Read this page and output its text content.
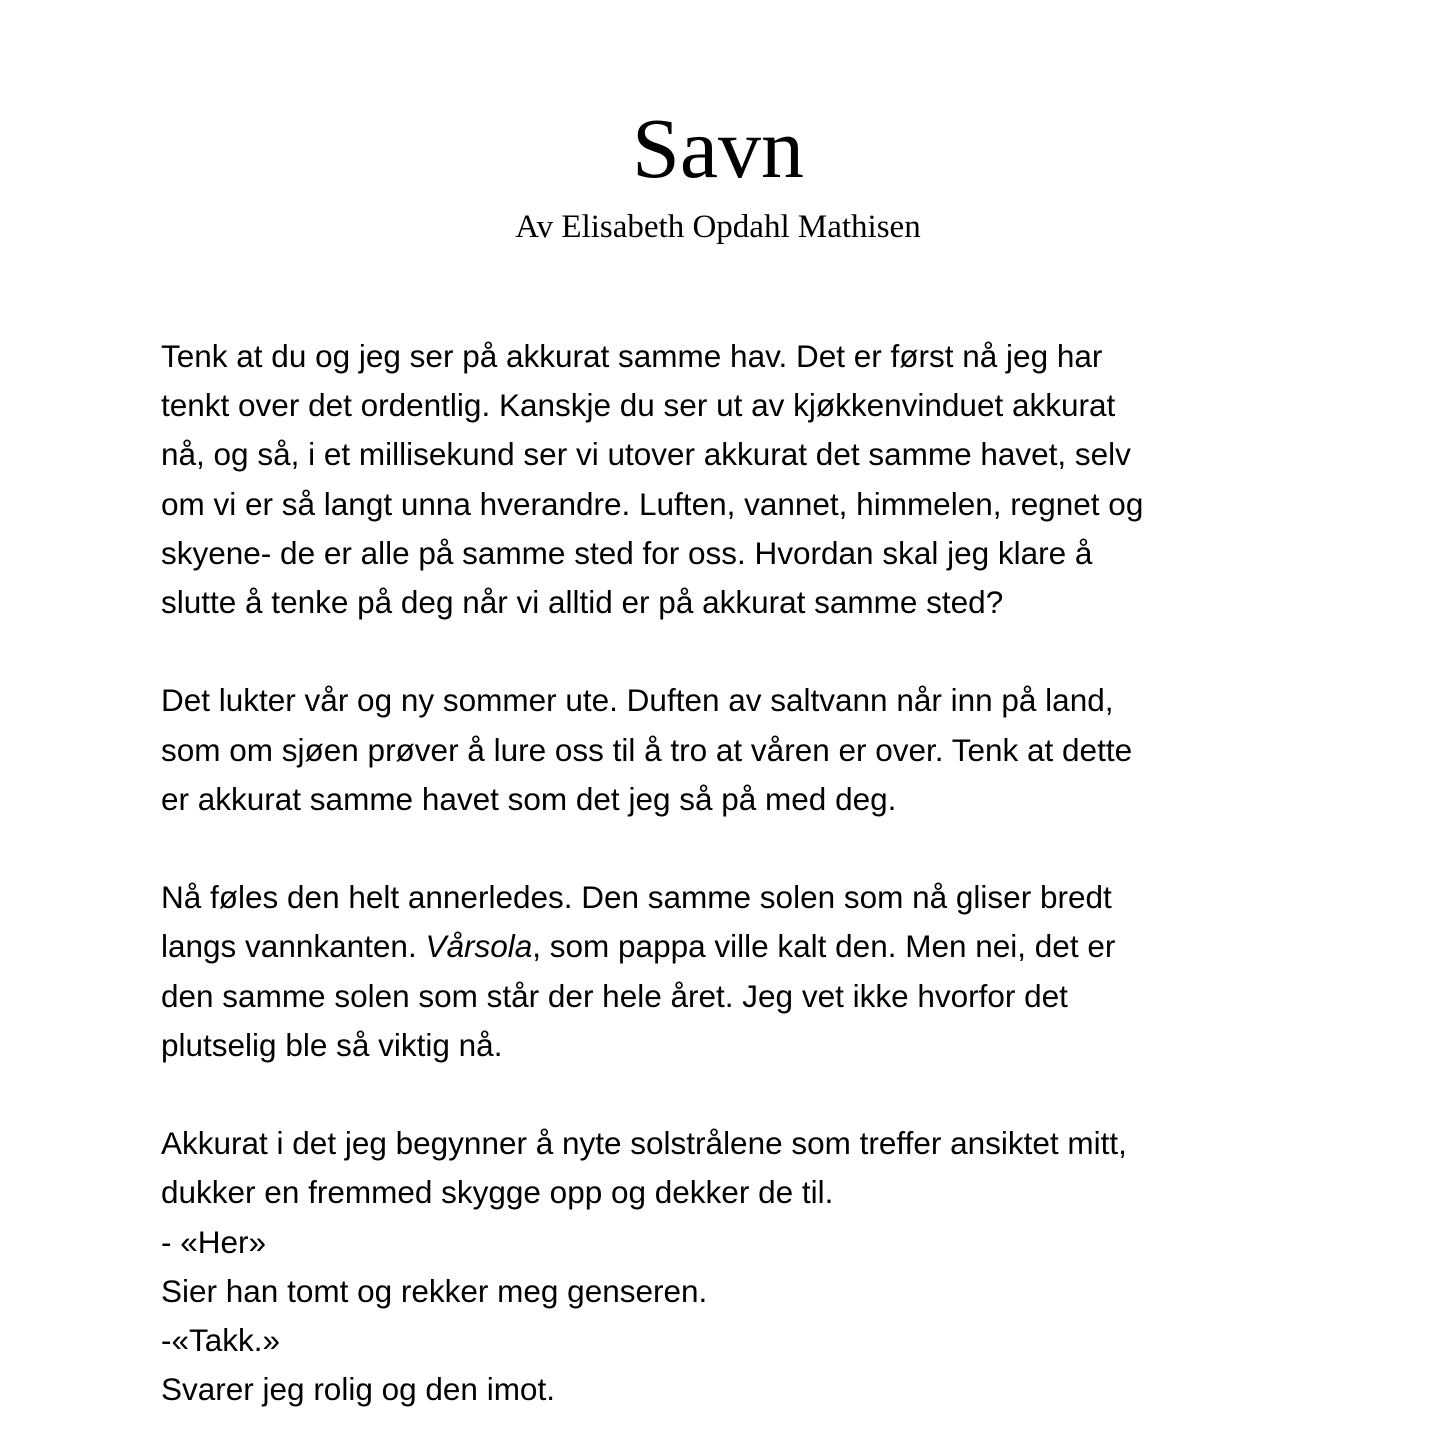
Savn

Av Elisabeth Opdahl Mathisen

Tenk at du og jeg ser på akkurat samme hav. Det er først nå jeg har
tenkt over det ordentlig. Kanskje du ser ut av kjøkkenvinduet akkurat
nå, og så, i et millisekund ser vi utover akkurat det samme havet, selv
om vi er så langt unna hverandre. Luften, vannet, himmelen, regnet og
skyene- de er alle på samme sted for oss. Hvordan skal jeg klare å
slutte å tenke på deg når vi alltid er på akkurat samme sted?

Det lukter vår og ny sommer ute. Duften av saltvann når inn på land,
som om sjøen prøver å lure oss til å tro at våren er over. Tenk at dette
er akkurat samme havet som det jeg så på med deg.

Nå føles den helt annerledes. Den samme solen som nå gliser bredt
langs vannkanten. Vårsola, som pappa ville kalt den. Men nei, det er
den samme solen som står der hele året. Jeg vet ikke hvorfor det
plutselig ble så viktig nå.

Akkurat i det jeg begynner å nyte solstrålene som treffer ansiktet mitt,
dukker en fremmed skygge opp og dekker de til.
- «Her»
Sier han tomt og rekker meg genseren.
-«Takk.»
Svarer jeg rolig og den imot.
